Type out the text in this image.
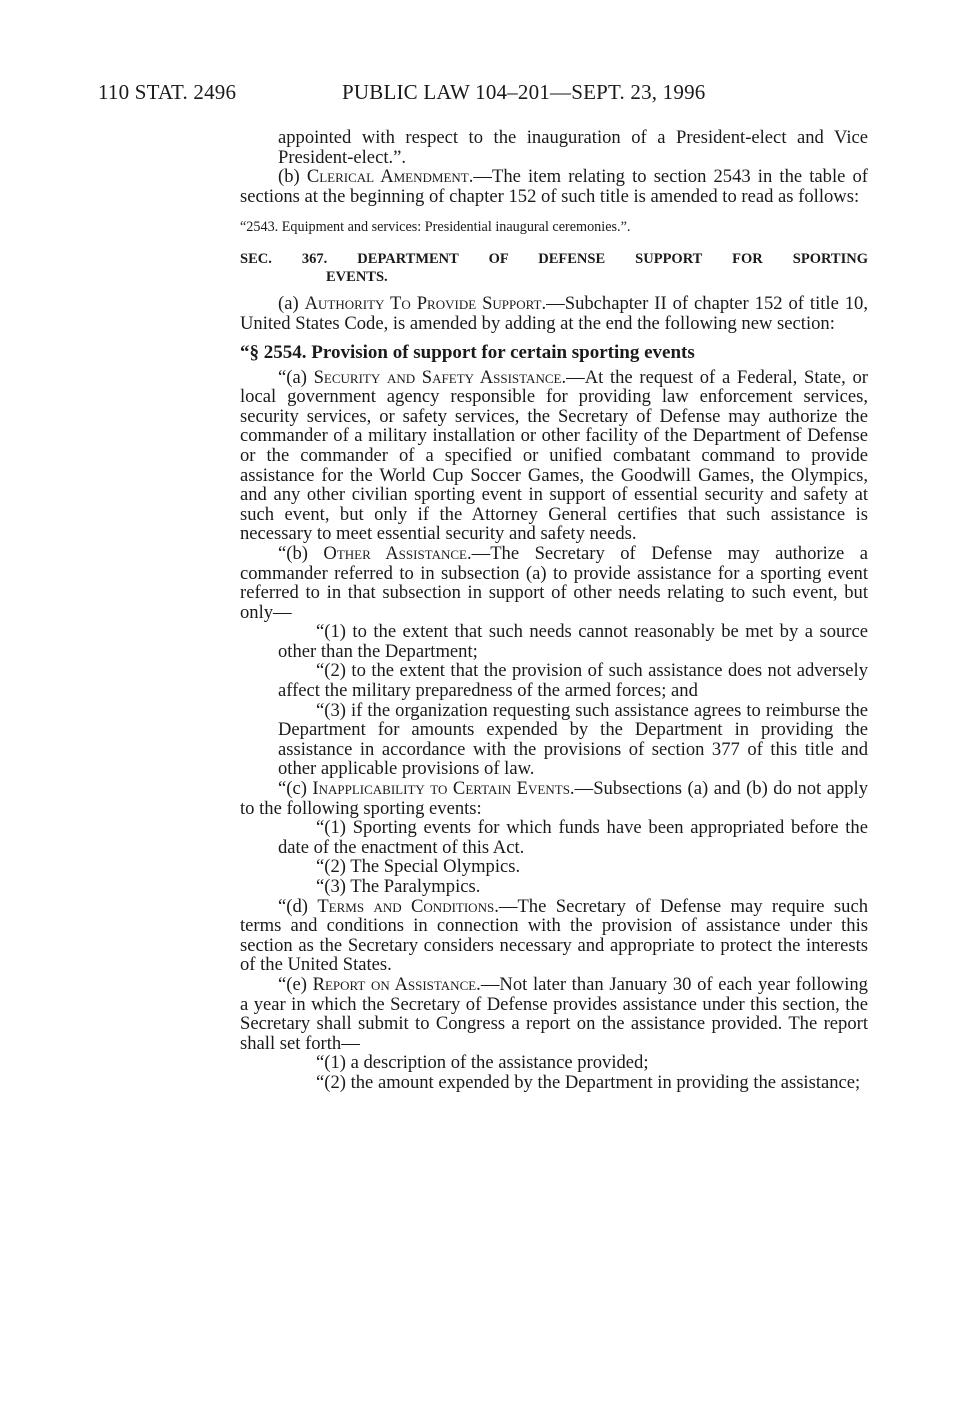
110 STAT. 2496	PUBLIC LAW 104–201—SEPT. 23, 1996

appointed with respect to the inauguration of a President-elect and Vice President-elect.”.

(b) Clerical Amendment.—The item relating to section 2543 in the table of sections at the beginning of chapter 152 of such title is amended to read as follows:

“2543. Equipment and services: Presidential inaugural ceremonies.”.

SEC. 367. DEPARTMENT OF DEFENSE SUPPORT FOR SPORTING
EVENTS.

(a) Authority To Provide Support.—Subchapter II of chapter 152 of title 10, United States Code, is amended by adding at the end the following new section:

“§ 2554. Provision of support for certain sporting events

“(a) Security and Safety Assistance.—At the request of a Federal, State, or local government agency responsible for providing law enforcement services, security services, or safety services, the Secretary of Defense may authorize the commander of a military installation or other facility of the Department of Defense or the commander of a specified or unified combatant command to provide assistance for the World Cup Soccer Games, the Goodwill Games, the Olympics, and any other civilian sporting event in support of essential security and safety at such event, but only if the Attorney General certifies that such assistance is necessary to meet essential security and safety needs.

“(b) Other Assistance.—The Secretary of Defense may authorize a commander referred to in subsection (a) to provide assistance for a sporting event referred to in that subsection in support of other needs relating to such event, but only—

“(1) to the extent that such needs cannot reasonably be met by a source other than the Department;

“(2) to the extent that the provision of such assistance does not adversely affect the military preparedness of the armed forces; and

“(3) if the organization requesting such assistance agrees to reimburse the Department for amounts expended by the Department in providing the assistance in accordance with the provisions of section 377 of this title and other applicable provisions of law.

“(c) Inapplicability to Certain Events.—Subsections (a) and (b) do not apply to the following sporting events:

“(1) Sporting events for which funds have been appropriated before the date of the enactment of this Act.

“(2) The Special Olympics.

“(3) The Paralympics.

“(d) Terms and Conditions.—The Secretary of Defense may require such terms and conditions in connection with the provision of assistance under this section as the Secretary considers necessary and appropriate to protect the interests of the United States.

“(e) Report on Assistance.—Not later than January 30 of each year following a year in which the Secretary of Defense provides assistance under this section, the Secretary shall submit to Congress a report on the assistance provided. The report shall set forth—

“(1) a description of the assistance provided;

“(2) the amount expended by the Department in providing the assistance;
